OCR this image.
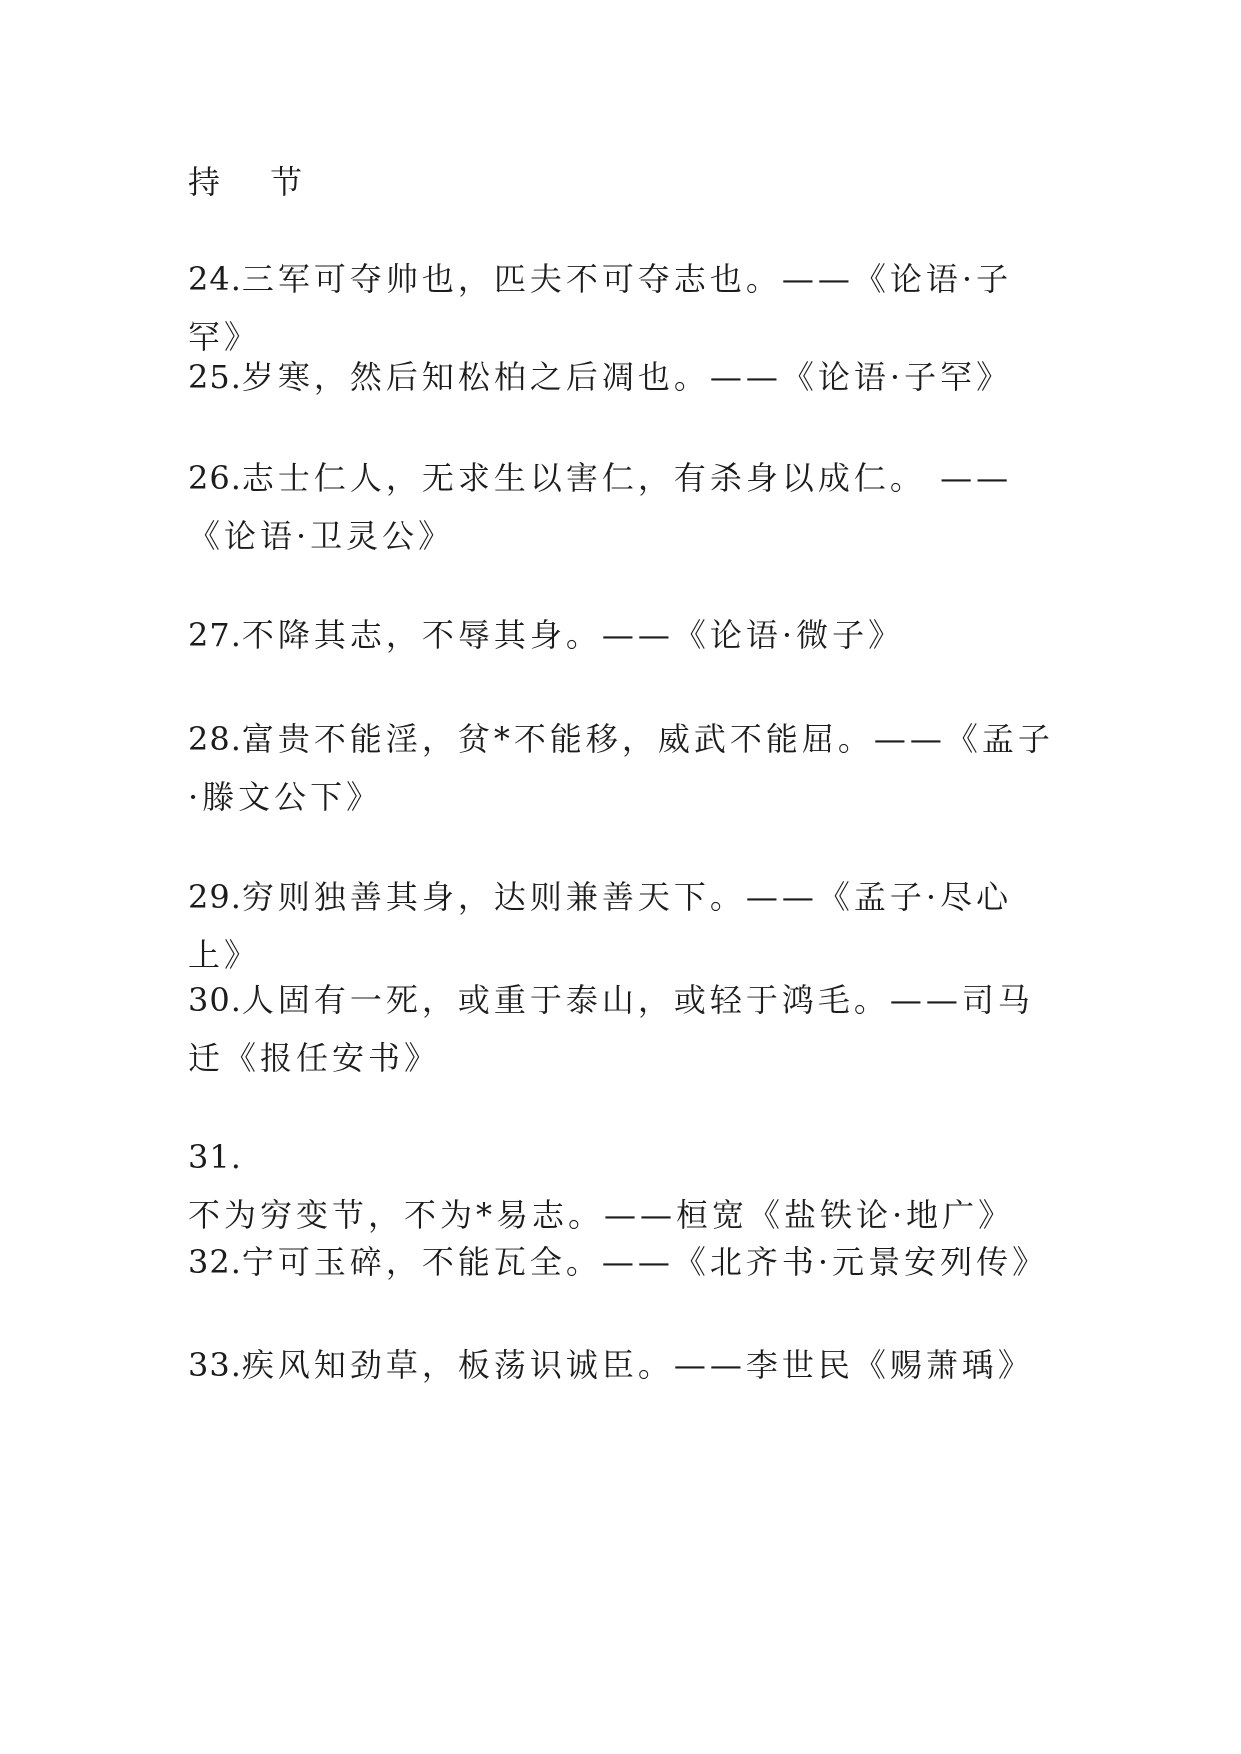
持 节

24.三军可夺帅也，匹夫不可夺志也。——《论语·子罕》

25.岁寒，然后知松柏之后凋也。——《论语·子罕》

26.志士仁人，无求生以害仁，有杀身以成仁。 ——《论语·卫灵公》

27.不降其志，不辱其身。——《论语·微子》

28.富贵不能淫，贫*不能移，威武不能屈。——《孟子·滕文公下》

29.穷则独善其身，达则兼善天下。——《孟子·尽心上》

30.人固有一死，或重于泰山，或轻于鸿毛。——司马迁《报任安书》

31.不为穷变节，不为*易志。——桓宽《盐铁论·地广》

32.宁可玉碎，不能瓦全。——《北齐书·元景安列传》

33.疾风知劲草，板荡识诚臣。——李世民《赐萧瑀》
